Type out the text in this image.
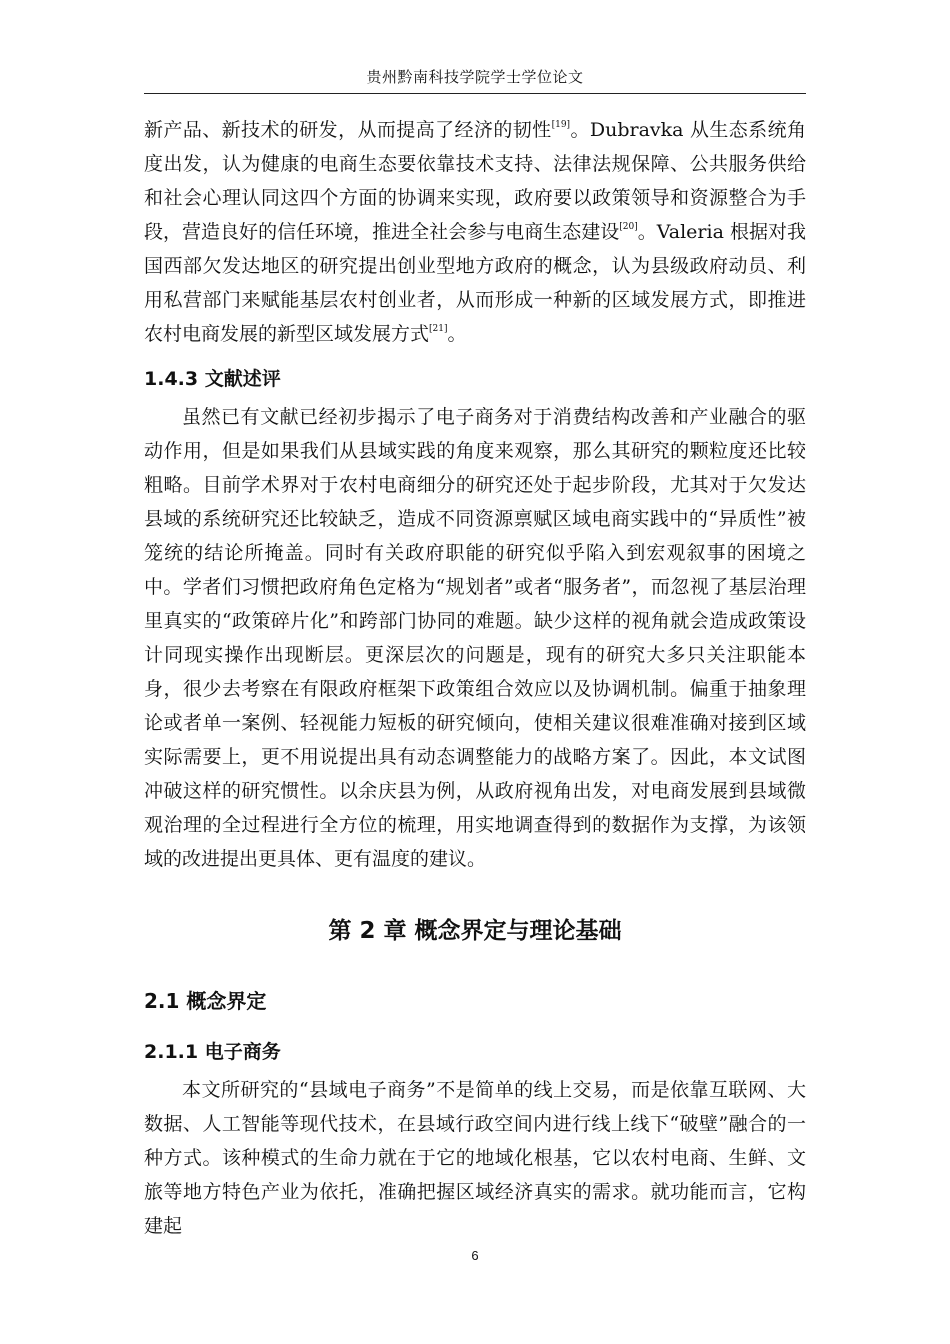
贵州黔南科技学院学士学位论文

新产品、新技术的研发，从而提高了经济的韧性[19]。Dubravka 从生态系统角度出发，认为健康的电商生态要依靠技术支持、法律法规保障、公共服务供给和社会心理认同这四个方面的协调来实现，政府要以政策领导和资源整合为手段，营造良好的信任环境，推进全社会参与电商生态建设[20]。Valeria 根据对我国西部欠发达地区的研究提出创业型地方政府的概念，认为县级政府动员、利用私营部门来赋能基层农村创业者，从而形成一种新的区域发展方式，即推进农村电商发展的新型区域发展方式[21]。

1.4.3 文献述评

虽然已有文献已经初步揭示了电子商务对于消费结构改善和产业融合的驱动作用，但是如果我们从县域实践的角度来观察，那么其研究的颗粒度还比较粗略。目前学术界对于农村电商细分的研究还处于起步阶段，尤其对于欠发达县域的系统研究还比较缺乏，造成不同资源禀赋区域电商实践中的“异质性”被笼统的结论所掩盖。同时有关政府职能的研究似乎陷入到宏观叙事的困境之中。学者们习惯把政府角色定格为“规划者”或者“服务者”，而忽视了基层治理里真实的“政策碎片化”和跨部门协同的难题。缺少这样的视角就会造成政策设计同现实操作出现断层。更深层次的问题是，现有的研究大多只关注职能本身，很少去考察在有限政府框架下政策组合效应以及协调机制。偏重于抽象理论或者单一案例、轻视能力短板的研究倾向，使相关建议很难准确对接到区域实际需要上，更不用说提出具有动态调整能力的战略方案了。因此，本文试图冲破这样的研究惯性。以余庆县为例，从政府视角出发，对电商发展到县域微观治理的全过程进行全方位的梳理，用实地调查得到的数据作为支撑，为该领域的改进提出更具体、更有温度的建议。

第 2 章 概念界定与理论基础
2.1 概念界定
2.1.1 电子商务

本文所研究的“县域电子商务”不是简单的线上交易，而是依靠互联网、大数据、人工智能等现代技术，在县域行政空间内进行线上线下“破壁”融合的一种方式。该种模式的生命力就在于它的地域化根基，它以农村电商、生鲜、文旅等地方特色产业为依托，准确把握区域经济真实的需求。就功能而言，它构建起

6
